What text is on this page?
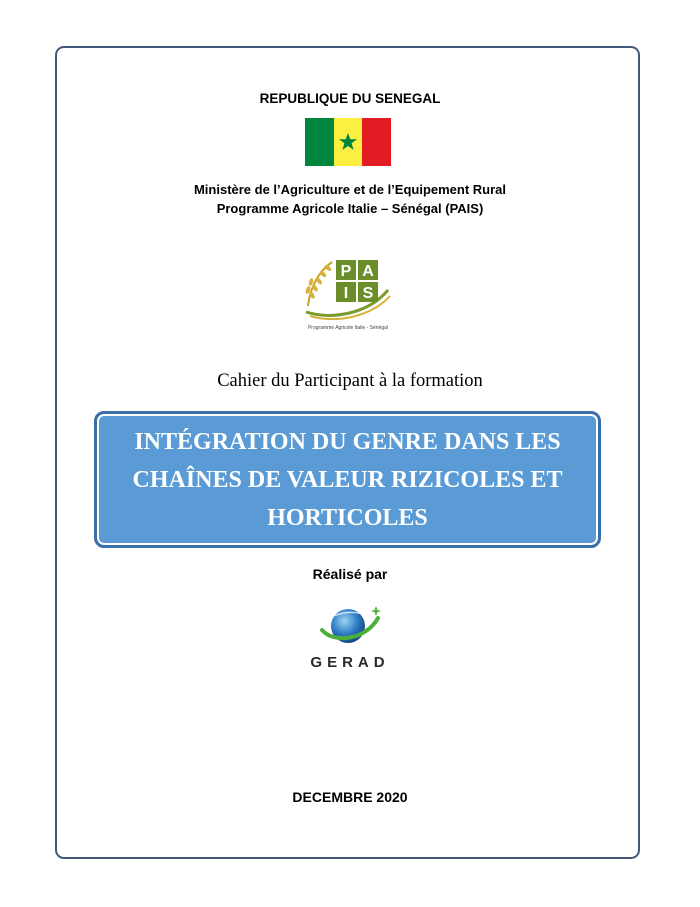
REPUBLIQUE DU SENEGAL
Ministère de l’Agriculture et de l’Equipement Rural
Programme Agricole Italie – Sénégal (PAIS)
P A
I S
Programme Agricole Italie - Sénégal
Cahier du Participant à la formation
INTÉGRATION DU GENRE DANS LES CHAÎNES DE VALEUR RIZICOLES ET HORTICOLES
Réalisé par
GERAD
DECEMBRE 2020
